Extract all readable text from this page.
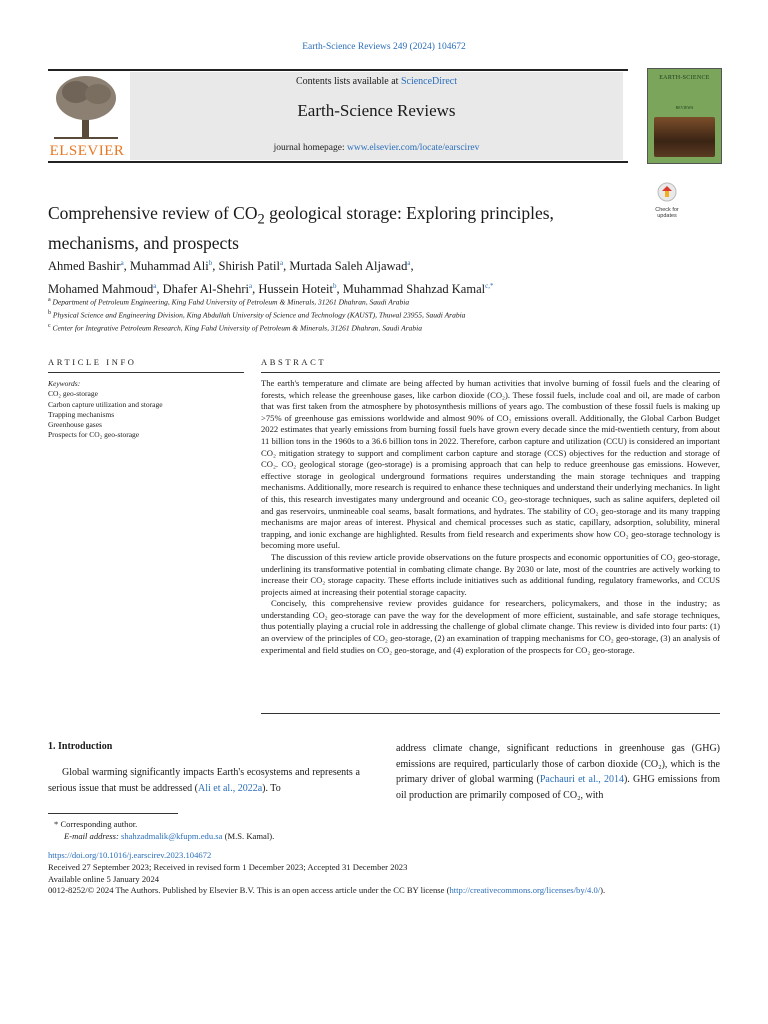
Earth-Science Reviews 249 (2024) 104672
ELSEVIER
Contents lists available at ScienceDirect
Earth-Science Reviews
journal homepage: www.elsevier.com/locate/earscirev
EARTH-SCIENCE
REVIEWS
Check for
updates
Comprehensive review of $CO_2$ geological storage: Exploring principles, mechanisms, and prospects
Ahmed Bashir$^a$, Muhammad Ali$^b$, Shirish Patil$^a$, Murtada Saleh Aljawad$^a$,
Mohamed Mahmoud$^a$, Dhafer Al-Shehri$^a$, Hussein Hoteit$^b$, Muhammad Shahzad Kamal$^{c,*}$
$^a$ Department of Petroleum Engineering, King Fahd University of Petroleum & Minerals, 31261 Dhahran, Saudi Arabia
$^b$ Physical Science and Engineering Division, King Abdullah University of Science and Technology (KAUST), Thuwal 23955, Saudi Arabia
$^c$ Center for Integrative Petroleum Research, King Fahd University of Petroleum & Minerals, 31261 Dhahran, Saudi Arabia
ARTICLE INFO
Keywords:
CO₂ geo-storage
Carbon capture utilization and storage
Trapping mechanisms
Greenhouse gases
Prospects for CO₂ geo-storage
ABSTRACT

The earth's temperature and climate are being affected by human activities that involve burning of fossil fuels and the clearing of forests, which release the greenhouse gases, like carbon dioxide (CO₂). These fossil fuels, include coal and oil, are made of carbon that was first taken from the atmosphere by photosynthesis millions of years ago. The combustion of these fossil fuels is making up >75% of greenhouse gas emissions worldwide and almost 90% of CO₂ emissions overall. Additionally, the Global Carbon Budget 2022 estimates that yearly emissions from burning fossil fuels have grown every decade since the mid-twentieth century, from about 11 billion tons in the 1960s to a 36.6 billion tons in 2022. Therefore, carbon capture and utilization (CCU) is considered an important CO₂ mitigation strategy to support and compliment carbon capture and storage (CCS) objectives for the reduction and storage of CO₂. CO₂ geological storage (geo-storage) is a promising approach that can help to reduce greenhouse gas emissions. However, effective storage in geological underground formations requires understanding the main storage techniques and trapping mechanisms. Additionally, more research is required to enhance these techniques and understand their underlying mechanics. In light of this, this research investigates many underground and oceanic CO₂ geo-storage techniques, such as saline aquifers, depleted oil and gas reservoirs, unmineable coal seams, basalt formations, and hydrates. The stability of CO₂ geo-storage and its many trapping mechanisms are major areas of interest. Physical and chemical processes such as static, capillary, adsorption, solubility, mineral trapping, and ionic exchange are highlighted. Results from field research and experiments show how CO₂ geo-storage technology is becoming more useful.

The discussion of this review article provide observations on the future prospects and economic opportunities of CO₂ geo-storage, underlining its transformative potential in combating climate change. By 2030 or late, most of the countries are actively working to increase their CO₂ storage capacity. These efforts include initiatives such as additional funding, regulatory frameworks, and CCUS projects aimed at increasing their potential storage capacity.

Concisely, this comprehensive review provides guidance for researchers, policymakers, and those in the industry; as understanding CO₂ geo-storage can pave the way for the development of more efficient, sustainable, and safe storage techniques, thus potentially playing a crucial role in addressing the challenge of global climate change. This review is divided into four parts: (1) an overview of the principles of CO₂ geo-storage, (2) an examination of trapping mechanisms for CO₂ geo-storage, (3) an analysis of experimental and field studies on CO₂ geo-storage, and (4) exploration of the prospects for CO₂ geo-storage.

1. Introduction
Global warming significantly impacts Earth's ecosystems and represents a serious issue that must be addressed (Ali et al., 2022a). To
address climate change, significant reductions in greenhouse gas (GHG) emissions are required, particularly those of carbon dioxide (CO₂), which is the primary driver of global warming (Pachauri et al., 2014). GHG emissions from oil production are primarily composed of CO₂, with
* Corresponding author.
E-mail address: shahzadmalik@kfupm.edu.sa (M.S. Kamal).
https://doi.org/10.1016/j.earscirev.2023.104672
Received 27 September 2023; Received in revised form 1 December 2023; Accepted 31 December 2023
Available online 5 January 2024
0012-8252/© 2024 The Authors. Published by Elsevier B.V. This is an open access article under the CC BY license (http://creativecommons.org/licenses/by/4.0/).
